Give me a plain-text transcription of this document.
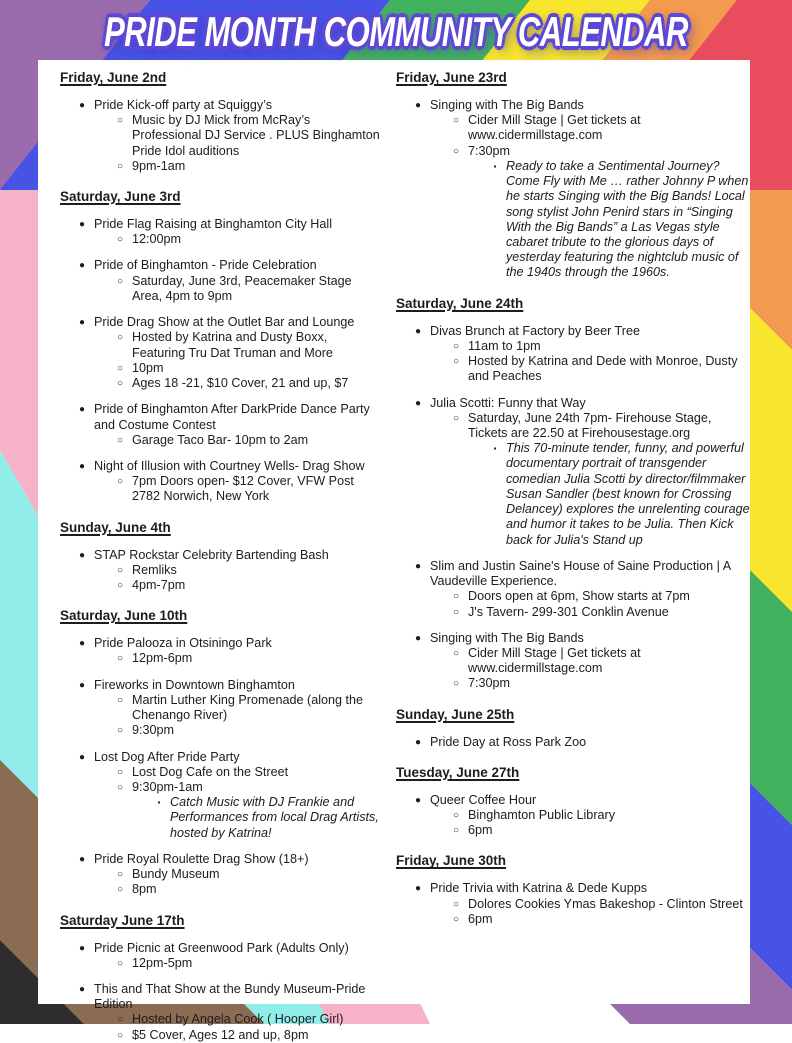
PRIDE MONTH COMMUNITY CALENDAR
Friday, June 2nd
● Pride Kick-off party at Squiggy’s
○ Music by DJ Mick from McRay’s Professional DJ Service . PLUS Binghamton Pride Idol auditions
○ 9pm-1am
Saturday, June 3rd
● Pride Flag Raising at Binghamton City Hall
○ 12:00pm
● Pride of Binghamton - Pride Celebration
○ Saturday, June 3rd, Peacemaker Stage Area, 4pm to 9pm
● Pride Drag Show at the Outlet Bar and Lounge
○ Hosted by Katrina and Dusty Boxx, Featuring Tru Dat Truman and More
○ 10pm
○ Ages 18 -21, $10 Cover, 21 and up, $7
● Pride of Binghamton After DarkPride Dance Party and Costume Contest
○ Garage Taco Bar- 10pm to 2am
● Night of Illusion with Courtney Wells- Drag Show
○ 7pm Doors open- $12 Cover, VFW Post 2782 Norwich, New York
Sunday, June 4th
● STAP Rockstar Celebrity Bartending Bash
○ Remliks
○ 4pm-7pm
Saturday, June 10th
● Pride Palooza in Otsiningo Park
○ 12pm-6pm
● Fireworks in Downtown Binghamton
○ Martin Luther King Promenade (along the Chenango River)
○ 9:30pm
● Lost Dog After Pride Party
○ Lost Dog Cafe on the Street
○ 9:30pm-1am
▪ Catch Music with DJ Frankie and Performances from local Drag Artists, hosted by Katrina!
● Pride Royal Roulette Drag Show (18+)
○ Bundy Museum
○ 8pm
Saturday June 17th
● Pride Picnic at Greenwood Park (Adults Only)
○ 12pm-5pm
● This and That Show at the Bundy Museum-Pride Edition
○ Hosted by Angela Cook ( Hooper Girl)
○ $5 Cover, Ages 12 and up, 8pm
Friday, June 23rd
● Singing with The Big Bands
○ Cider Mill Stage | Get tickets at www.cidermillstage.com
○ 7:30pm
▪ Ready to take a Sentimental Journey? Come Fly with Me … rather Johnny P when he starts Singing with the Big Bands! Local song stylist John Penird stars in “Singing With the Big Bands” a Las Vegas style cabaret tribute to the glorious days of yesterday featuring the nightclub music of the 1940s through the 1960s.
Saturday, June 24th
● Divas Brunch at Factory by Beer Tree
○ 11am to 1pm
○ Hosted by Katrina and Dede with Monroe, Dusty and Peaches
● Julia Scotti: Funny that Way
○ Saturday, June 24th 7pm- Firehouse Stage, Tickets are 22.50 at Firehousestage.org
▪ This 70-minute tender, funny, and powerful documentary portrait of transgender comedian Julia Scotti by director/filmmaker Susan Sandler (best known for Crossing Delancey) explores the unrelenting courage and humor it takes to be Julia. Then Kick back for Julia's Stand up
● Slim and Justin Saine's House of Saine Production | A Vaudeville Experience.
○ Doors open at 6pm, Show starts at 7pm
○ J's Tavern- 299-301 Conklin Avenue
● Singing with The Big Bands
○ Cider Mill Stage | Get tickets at www.cidermillstage.com
○ 7:30pm
Sunday, June 25th
● Pride Day at Ross Park Zoo
Tuesday, June 27th
● Queer Coffee Hour
○ Binghamton Public Library
○ 6pm
Friday, June 30th
● Pride Trivia with Katrina & Dede Kupps
○ Dolores Cookies Ymas Bakeshop - Clinton Street
○ 6pm
